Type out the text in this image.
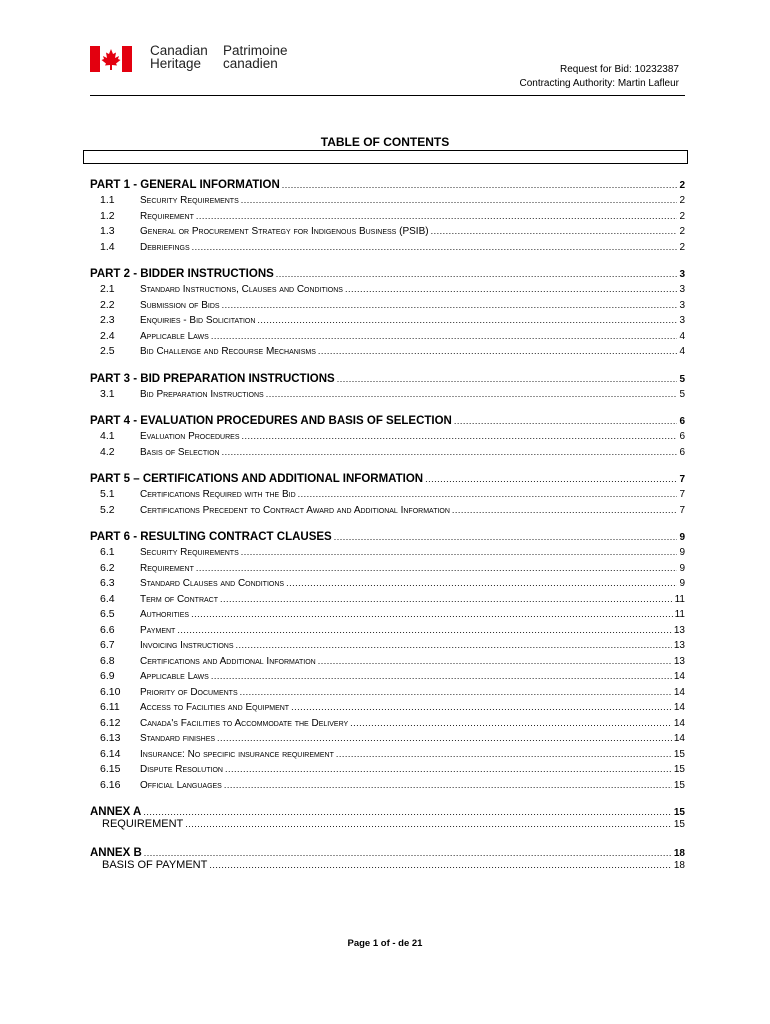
Canadian
Heritage
Patrimoine
canadien	Request for Bid: 10232387
Contracting Authority: Martin Lafleur
TABLE OF CONTENTS
PART 1 - GENERAL INFORMATION .....	2
1.1	Security Requirements .....	2
1.2	Requirement .....	2
1.3	General or Procurement Strategy for Indigenous Business (PSIB) .....	2
1.4	Debriefings .....	2
PART 2 - BIDDER INSTRUCTIONS .....	3
2.1	Standard Instructions, Clauses and Conditions .....	3
2.2	Submission of Bids .....	3
2.3	Enquiries - Bid Solicitation .....	3
2.4	Applicable Laws .....	4
2.5	Bid Challenge and Recourse Mechanisms .....	4
PART 3 - BID PREPARATION INSTRUCTIONS .....	5
3.1	Bid Preparation Instructions .....	5
PART 4 - EVALUATION PROCEDURES AND BASIS OF SELECTION .....	6
4.1	Evaluation Procedures .....	6
4.2	Basis of Selection .....	6
PART 5 – CERTIFICATIONS AND ADDITIONAL INFORMATION .....	7
5.1	Certifications Required with the Bid .....	7
5.2	Certifications Precedent to Contract Award and Additional Information .....	7
PART 6 - RESULTING CONTRACT CLAUSES .....	9
6.1	Security Requirements .....	9
6.2	Requirement .....	9
6.3	Standard Clauses and Conditions .....	9
6.4	Term of Contract .....	11
6.5	Authorities .....	11
6.6	Payment .....	13
6.7	Invoicing Instructions .....	13
6.8	Certifications and Additional Information .....	13
6.9	Applicable Laws .....	14
6.10	Priority of Documents .....	14
6.11	Access to Facilities and Equipment .....	14
6.12	Canada's Facilities to Accommodate the Delivery .....	14
6.13	Standard finishes .....	14
6.14	Insurance: No specific insurance requirement .....	15
6.15	Dispute Resolution .....	15
6.16	Official Languages .....	15
ANNEX A .....	15
REQUIREMENT .....	15
ANNEX B .....	18
BASIS OF PAYMENT .....	18
Page 1 of - de 21
